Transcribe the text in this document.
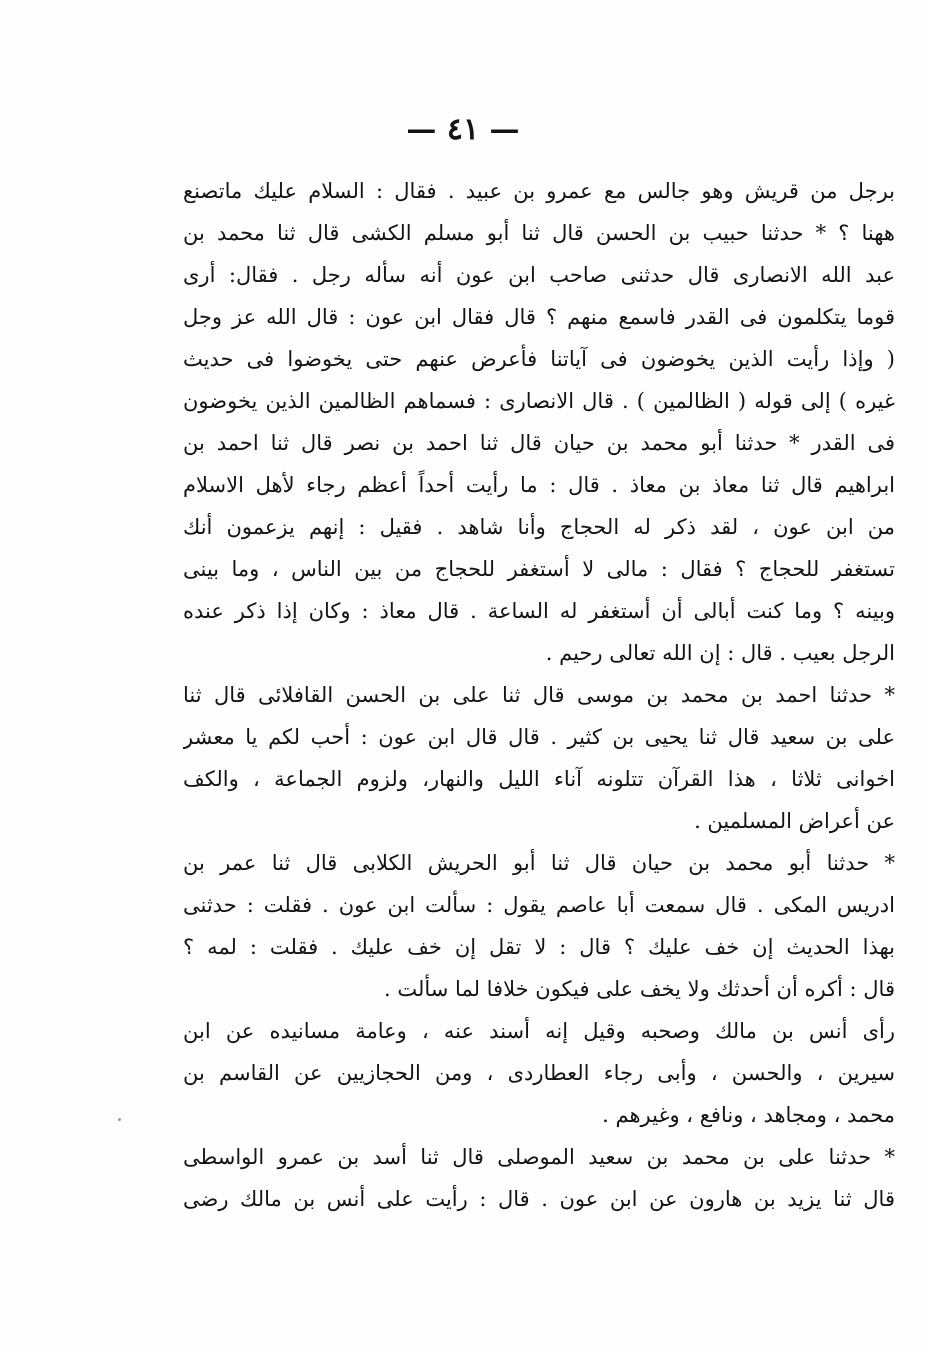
— ٤١ —
برجل من قريش وهو جالس مع عمرو بن عبيد . فقال : السلام عليك ماتصنع
ههنا ؟ * حدثنا حبيب بن الحسن قال ثنا أبو مسلم الكشى قال ثنا محمد بن
عبد الله الانصارى قال حدثنى صاحب ابن عون أنه سأله رجل . فقال: أرى
قوما يتكلمون فى القدر فاسمع منهم ؟ قال فقال ابن عون : قال الله عز وجل
( وإذا رأيت الذين يخوضون فى آياتنا فأعرض عنهم حتى يخوضوا فى حديث
غيره ) إلى قوله ( الظالمين ) . قال الانصارى : فسماهم الظالمين الذين يخوضون
فى القدر * حدثنا أبو محمد بن حيان قال ثنا احمد بن نصر قال ثنا احمد بن
ابراهيم قال ثنا معاذ بن معاذ . قال : ما رأيت أحداً أعظم رجاء لأهل الاسلام
من ابن عون ، لقد ذكر له الحجاج وأنا شاهد . فقيل : إنهم يزعمون أنك
تستغفر للحجاج ؟ فقال : مالى لا أستغفر للحجاج من بين الناس ، وما بينى
وبينه ؟ وما كنت أبالى أن أستغفر له الساعة . قال معاذ : وكان إذا ذكر عنده
الرجل بعيب . قال : إن الله تعالى رحيم .
* حدثنا احمد بن محمد بن موسى قال ثنا على بن الحسن القافلائى قال ثنا
على بن سعيد قال ثنا يحيى بن كثير . قال قال ابن عون : أحب لكم يا معشر
اخوانى ثلاثا ، هذا القرآن تتلونه آناء الليل والنهار، ولزوم الجماعة ، والكف
عن أعراض المسلمين .
* حدثنا أبو محمد بن حيان قال ثنا أبو الحريش الكلابى قال ثنا عمر بن
ادريس المكى . قال سمعت أبا عاصم يقول : سألت ابن عون . فقلت : حدثنى
بهذا الحديث إن خف عليك ؟ قال : لا تقل إن خف عليك . فقلت : لمه ؟
قال : أكره أن أحدثك ولا يخف على فيكون خلافا لما سألت .
رأى أنس بن مالك وصحبه وقيل إنه أسند عنه ، وعامة مسانيده عن ابن
سيرين ، والحسن ، وأبى رجاء العطاردى ، ومن الحجازيين عن القاسم بن
محمد ، ومجاهد ، ونافع ، وغيرهم .
* حدثنا على بن محمد بن سعيد الموصلى قال ثنا أسد بن عمرو الواسطى
قال ثنا يزيد بن هارون عن ابن عون . قال : رأيت على أنس بن مالك رضى
